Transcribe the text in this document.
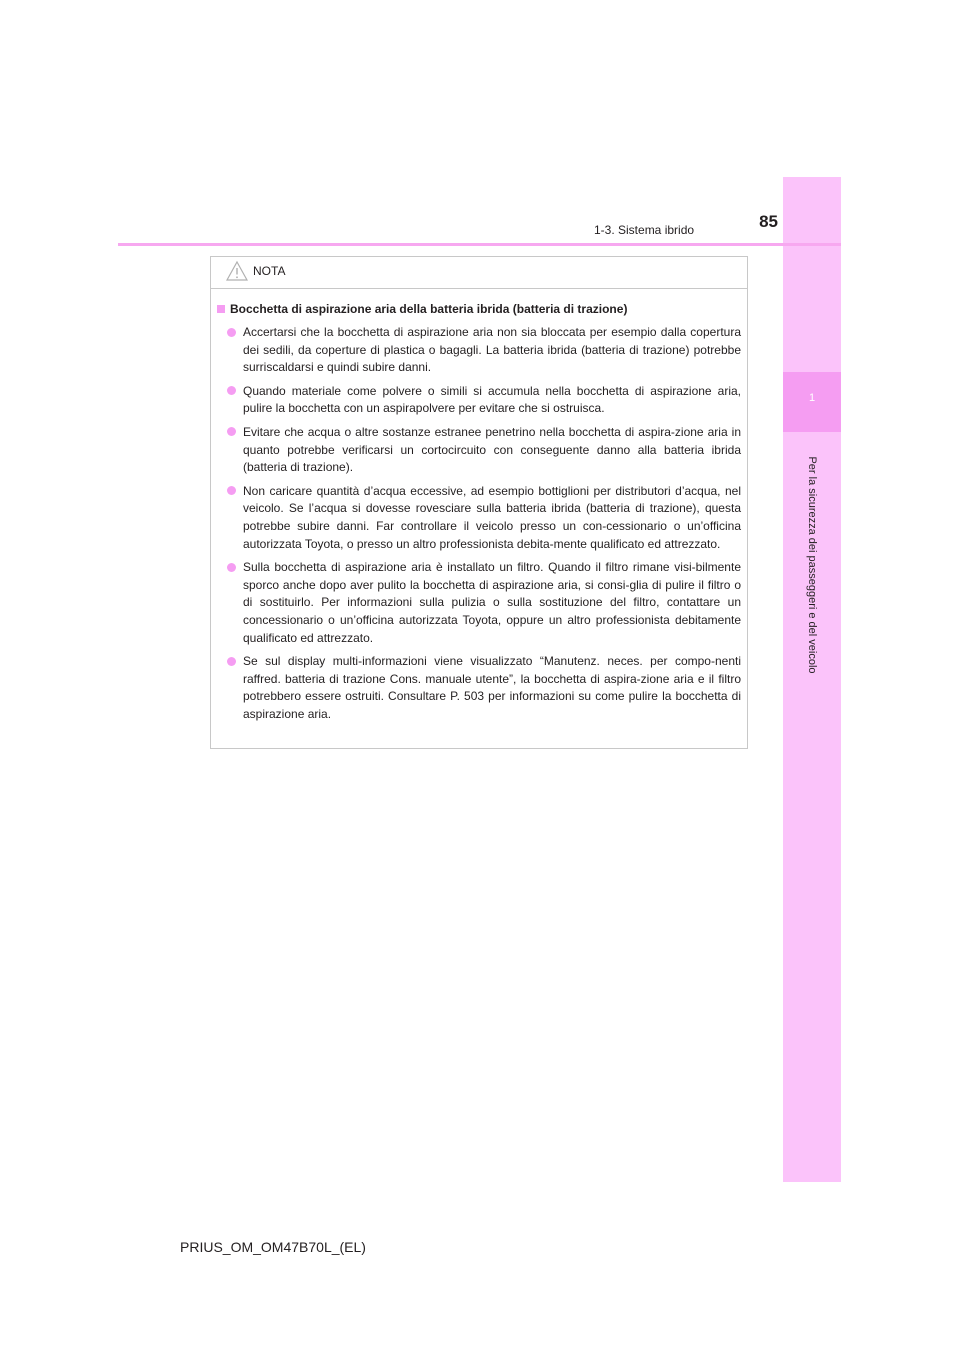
1
Per la sicurezza dei passeggeri e del veicolo
1-3. Sistema ibrido	85
NOTA
Bocchetta di aspirazione aria della batteria ibrida (batteria di trazione)
Accertarsi che la bocchetta di aspirazione aria non sia bloccata per esempio dalla copertura dei sedili, da coperture di plastica o bagagli. La batteria ibrida (batteria di trazione) potrebbe surriscaldarsi e quindi subire danni.
Quando materiale come polvere o simili si accumula nella bocchetta di aspirazione aria, pulire la bocchetta con un aspirapolvere per evitare che si ostruisca.
Evitare che acqua o altre sostanze estranee penetrino nella bocchetta di aspira-zione aria in quanto potrebbe verificarsi un cortocircuito con conseguente danno alla batteria ibrida (batteria di trazione).
Non caricare quantità d’acqua eccessive, ad esempio bottiglioni per distributori d’acqua, nel veicolo. Se l’acqua si dovesse rovesciare sulla batteria ibrida (batteria di trazione), questa potrebbe subire danni. Far controllare il veicolo presso un con-cessionario o un’officina autorizzata Toyota, o presso un altro professionista debita-mente qualificato ed attrezzato.
Sulla bocchetta di aspirazione aria è installato un filtro. Quando il filtro rimane visi-bilmente sporco anche dopo aver pulito la bocchetta di aspirazione aria, si consi-glia di pulire il filtro o di sostituirlo. Per informazioni sulla pulizia o sulla sostituzione del filtro, contattare un concessionario o un’officina autorizzata Toyota, oppure un altro professionista debitamente qualificato ed attrezzato.
Se sul display multi-informazioni viene visualizzato “Manutenz. neces. per compo-nenti raffred. batteria di trazione Cons. manuale utente”, la bocchetta di aspira-zione aria e il filtro potrebbero essere ostruiti. Consultare P. 503 per informazioni su come pulire la bocchetta di aspirazione aria.
PRIUS_OM_OM47B70L_(EL)
